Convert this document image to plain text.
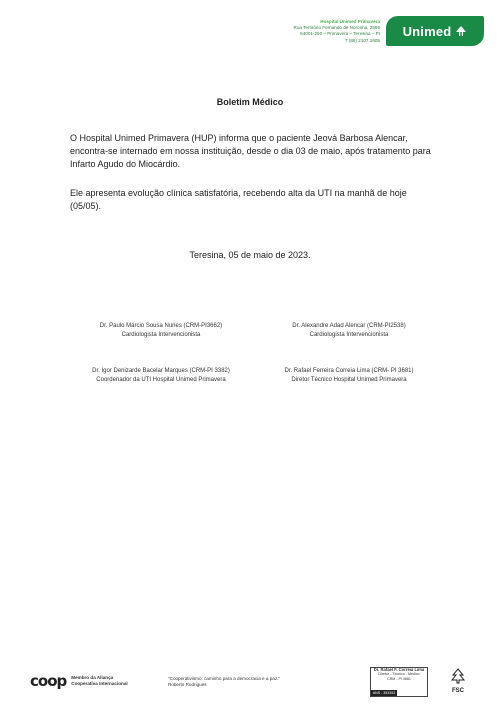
Hospital Unimed Primavera
Rua Território Fernando de Noronha, 2566
64001-250 – Primavera – Teresina – PI
T (86) 2107.1605
Unimed
Boletim Médico
O Hospital Unimed Primavera (HUP) informa que o paciente Jeová Barbosa Alencar, encontra-se internado em nossa instituição, desde o dia 03 de maio, após tratamento para Infarto Agudo do Miocárdio.
Ele apresenta evolução clínica satisfatória, recebendo alta da UTI na manhã de hoje (05/05).
Teresina, 05 de maio de 2023.
Dr. Paulo Márcio Sousa Nunes (CRM-PI3662)
Cardiologista Intervencionista
Dr. Alexandre Adad Alencar (CRM-PI2538)
Cardiologista Intervencionista
Dr. Igor Denizarde Bacelar Marques (CRM-PI 3382)
Coordenador da UTI Hospital Unimed Primavera
Dr. Rafael Ferreira Correia Lima (CRM- PI 3681)
Diretor Técnico Hospital Unimed Primavera
coop Membro da Aliança
Cooperativa Internacional
"Cooperativismo: caminho para a democracia e a paz."
Roberto Rodrigues
Dr. Rafael F. Correia Lima
Diretor - Técnico - Médico
CRM - PI 3681
ANS - 353353	FSC
